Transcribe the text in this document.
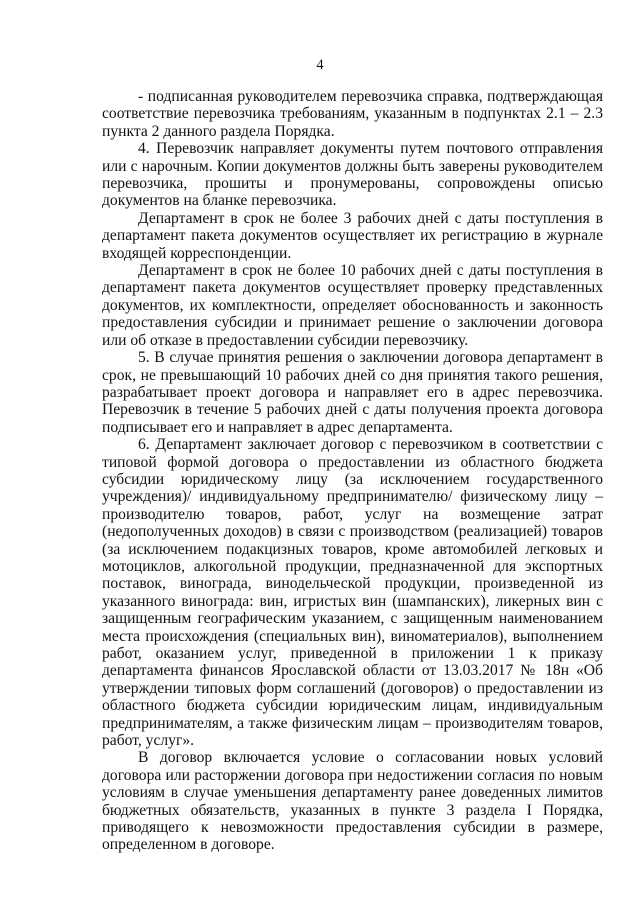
4

- подписанная руководителем перевозчика справка, подтверждающая соответствие перевозчика требованиям, указанным в подпунктах 2.1 – 2.3 пункта 2 данного раздела Порядка.

4. Перевозчик направляет документы путем почтового отправления или с нарочным. Копии документов должны быть заверены руководителем перевозчика, прошиты и пронумерованы, сопровождены описью документов на бланке перевозчика.

Департамент в срок не более 3 рабочих дней с даты поступления в департамент пакета документов осуществляет их регистрацию в журнале входящей корреспонденции.

Департамент в срок не более 10 рабочих дней с даты поступления в департамент пакета документов осуществляет проверку представленных документов, их комплектности, определяет обоснованность и законность предоставления субсидии и принимает решение о заключении договора или об отказе в предоставлении субсидии перевозчику.

5. В случае принятия решения о заключении договора департамент в срок, не превышающий 10 рабочих дней со дня принятия такого решения, разрабатывает проект договора и направляет его в адрес перевозчика. Перевозчик в течение 5 рабочих дней с даты получения проекта договора подписывает его и направляет в адрес департамента.

6. Департамент заключает договор с перевозчиком в соответствии с типовой формой договора о предоставлении из областного бюджета субсидии юридическому лицу (за исключением государственного учреждения)/ индивидуальному предпринимателю/ физическому лицу – производителю товаров, работ, услуг на возмещение затрат (недополученных доходов) в связи с производством (реализацией) товаров (за исключением подакцизных товаров, кроме автомобилей легковых и мотоциклов, алкогольной продукции, предназначенной для экспортных поставок, винограда, винодельческой продукции, произведенной из указанного винограда: вин, игристых вин (шампанских), ликерных вин с защищенным географическим указанием, с защищенным наименованием места происхождения (специальных вин), виноматериалов), выполнением работ, оказанием услуг, приведенной в приложении 1 к приказу департамента финансов Ярославской области от 13.03.2017 № 18н «Об утверждении типовых форм соглашений (договоров) о предоставлении из областного бюджета субсидии юридическим лицам, индивидуальным предпринимателям, а также физическим лицам – производителям товаров, работ, услуг».

В договор включается условие о согласовании новых условий договора или расторжении договора при недостижении согласия по новым условиям в случае уменьшения департаменту ранее доведенных лимитов бюджетных обязательств, указанных в пункте 3 раздела I Порядка, приводящего к невозможности предоставления субсидии в размере, определенном в договоре.
